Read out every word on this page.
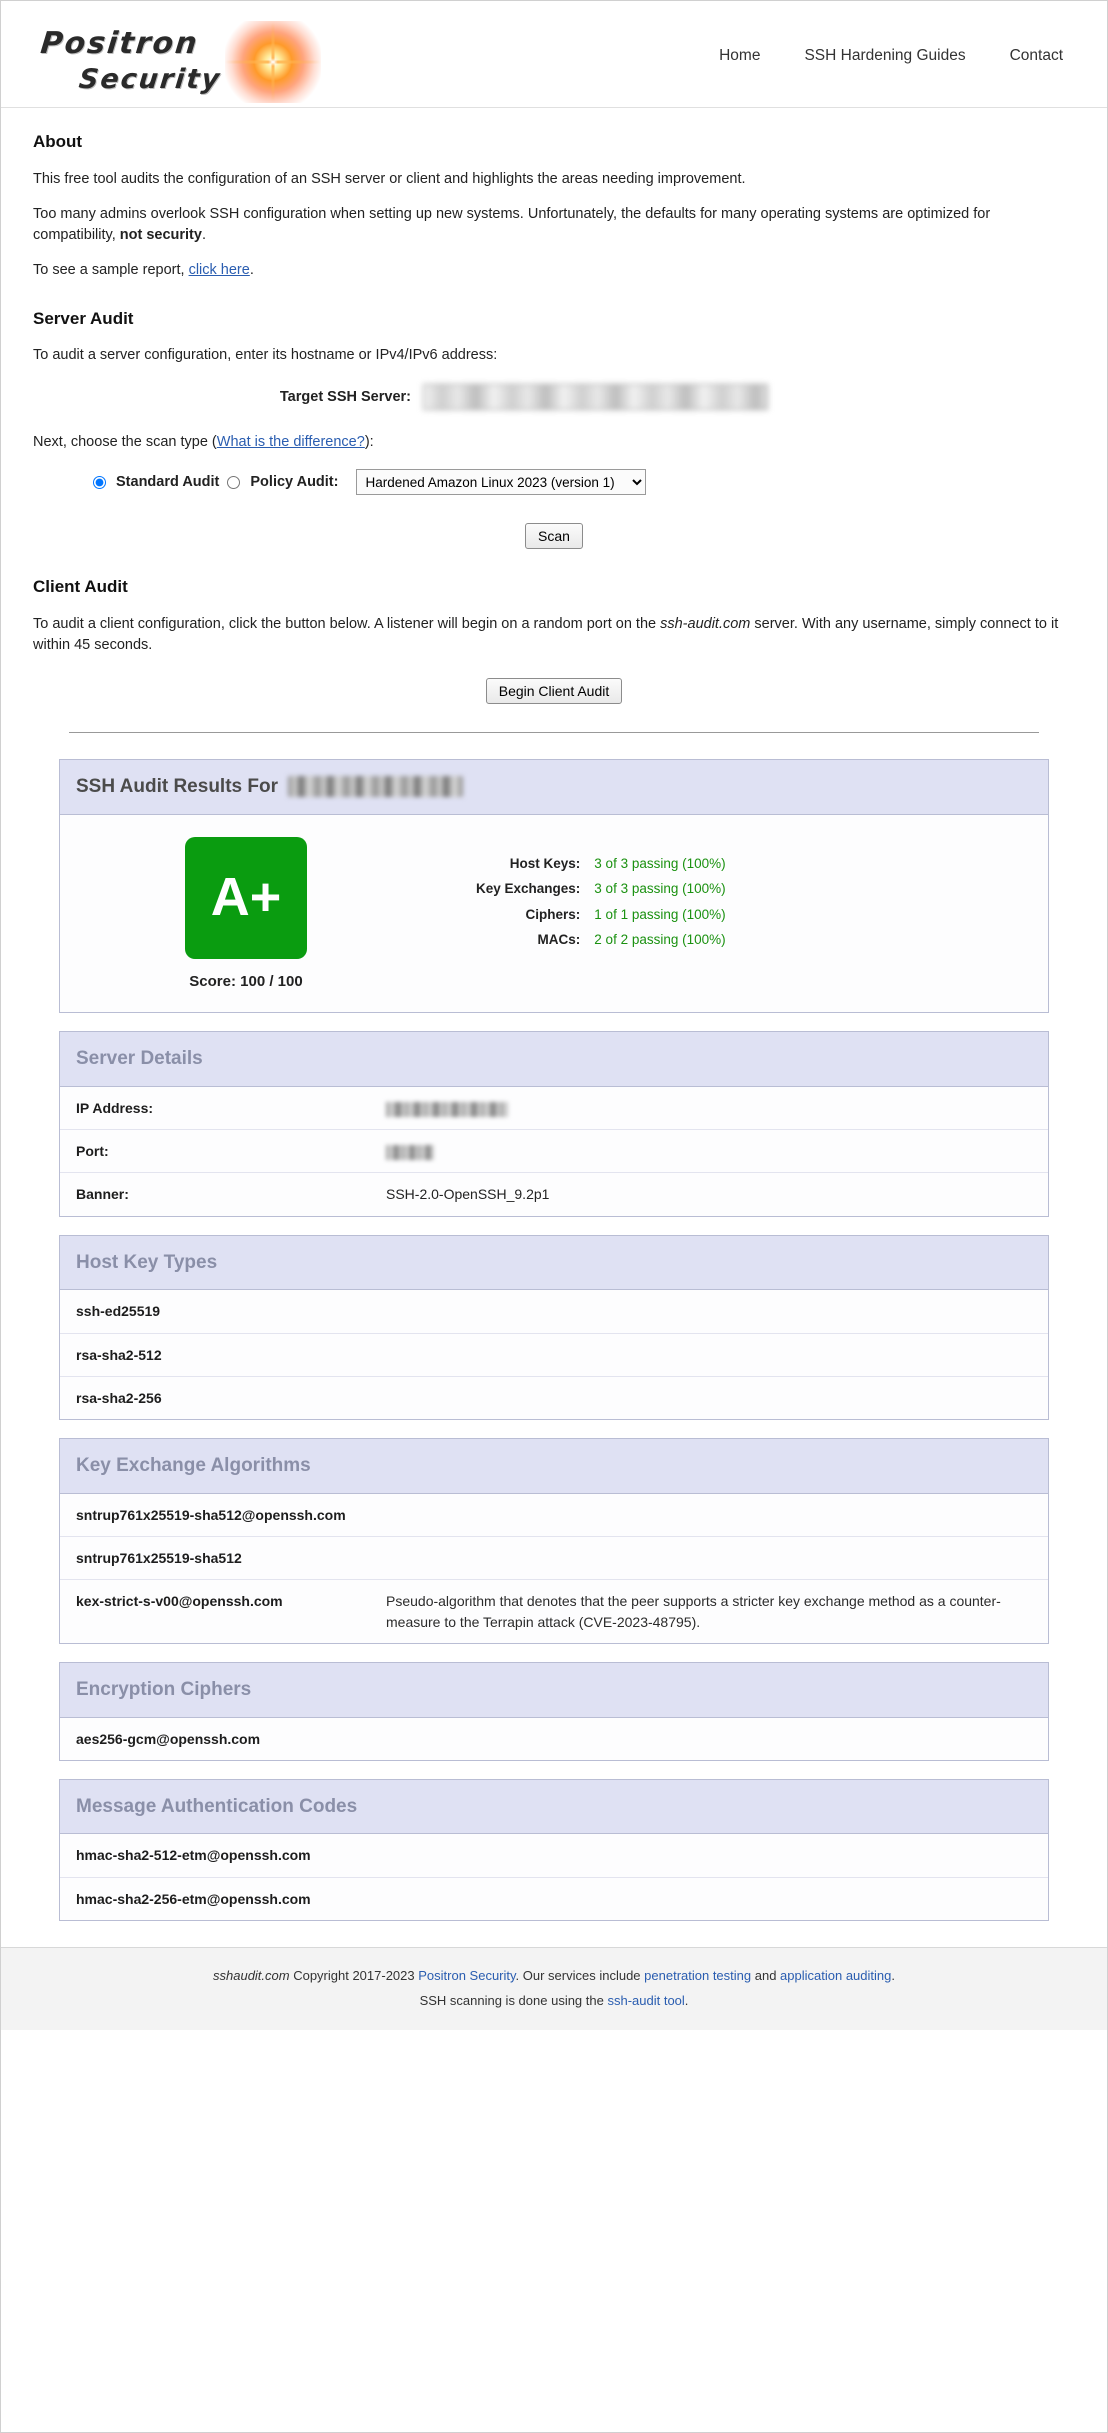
Positron
Security
Home	SSH Hardening Guides	Contact
About

This free tool audits the configuration of an SSH server or client and highlights the areas needing improvement.

Too many admins overlook SSH configuration when setting up new systems. Unfortunately, the defaults for many operating systems are optimized for compatibility, not security.

To see a sample report, click here.

Server Audit

To audit a server configuration, enter its hostname or IPv4/IPv6 address:

Target SSH Server:

Next, choose the scan type (What is the difference?):

Standard Audit Policy Audit:
Hardened Amazon Linux 2023 (version 1)
Scan
Client Audit

To audit a client configuration, click the button below. A listener will begin on a random port on the ssh-audit.com server. With any username, simply connect to it within 45 seconds.

Begin Client Audit
SSH Audit Results For
A+
Score: 100 / 100
Host Keys:	3 of 3 passing (100%)
Key Exchanges:	3 of 3 passing (100%)
Ciphers:	1 of 1 passing (100%)
MACs:	2 of 2 passing (100%)
Server Details
IP Address:	
Port:	
Banner:	SSH-2.0-OpenSSH_9.2p1
Host Key Types
ssh-ed25519	
rsa-sha2-512	
rsa-sha2-256	
Key Exchange Algorithms
sntrup761x25519-sha512@openssh.com	
sntrup761x25519-sha512	
kex-strict-s-v00@openssh.com	Pseudo-algorithm that denotes that the peer supports a stricter key exchange method as a counter-measure to the Terrapin attack (CVE-2023-48795).
Encryption Ciphers
aes256-gcm@openssh.com	
Message Authentication Codes
hmac-sha2-512-etm@openssh.com	
hmac-sha2-256-etm@openssh.com	
sshaudit.com Copyright 2017-2023 Positron Security. Our services include penetration testing and application auditing.
SSH scanning is done using the ssh-audit tool.
